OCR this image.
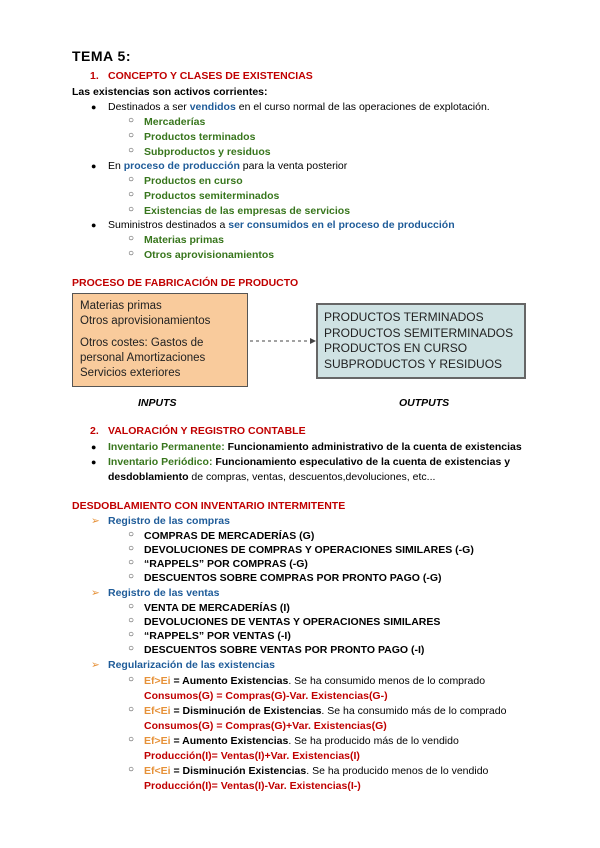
TEMA 5:
1. CONCEPTO Y CLASES DE EXISTENCIAS
Las existencias son activos corrientes:
● Destinados a ser vendidos en el curso normal de las operaciones de explotación.
○ Mercaderías
○ Productos terminados
○ Subproductos y residuos
● En proceso de producción para la venta posterior
○ Productos en curso
○ Productos semiterminados
○ Existencias de las empresas de servicios
● Suministros destinados a ser consumidos en el proceso de producción
○ Materias primas
○ Otros aprovisionamientos
PROCESO DE FABRICACIÓN DE PRODUCTO
Materias primas
Otros aprovisionamientos
Otros costes: Gastos de
personal Amortizaciones
Servicios exteriores
PRODUCTOS TERMINADOS
PRODUCTOS SEMITERMINADOS
PRODUCTOS EN CURSO
SUBPRODUCTOS Y RESIDUOS
INPUTS	OUTPUTS
2. VALORACIÓN Y REGISTRO CONTABLE
● Inventario Permanente: Funcionamiento administrativo de la cuenta de existencias
● Inventario Periódico: Funcionamiento especulativo de la cuenta de existencias y
desdoblamiento de compras, ventas, descuentos,devoluciones, etc...
DESDOBLAMIENTO CON INVENTARIO INTERMITENTE
➢ Registro de las compras
○ COMPRAS DE MERCADERÍAS (G)
○ DEVOLUCIONES DE COMPRAS Y OPERACIONES SIMILARES (-G)
○ “RAPPELS” POR COMPRAS (-G)
○ DESCUENTOS SOBRE COMPRAS POR PRONTO PAGO (-G)
➢ Registro de las ventas
○ VENTA DE MERCADERÍAS (I)
○ DEVOLUCIONES DE VENTAS Y OPERACIONES SIMILARES
○ “RAPPELS” POR VENTAS (-I)
○ DESCUENTOS SOBRE VENTAS POR PRONTO PAGO (-I)
➢ Regularización de las existencias
○ Ef>Ei = Aumento Existencias. Se ha consumido menos de lo comprado
Consumos(G) = Compras(G)-Var. Existencias(G-)
○ Ef<Ei = Disminución de Existencias. Se ha consumido más de lo comprado
Consumos(G) = Compras(G)+Var. Existencias(G)
○ Ef>Ei = Aumento Existencias. Se ha producido más de lo vendido
Producción(I)= Ventas(I)+Var. Existencias(I)
○ Ef<Ei = Disminución Existencias. Se ha producido menos de lo vendido
Producción(I)= Ventas(I)-Var. Existencias(I-)
